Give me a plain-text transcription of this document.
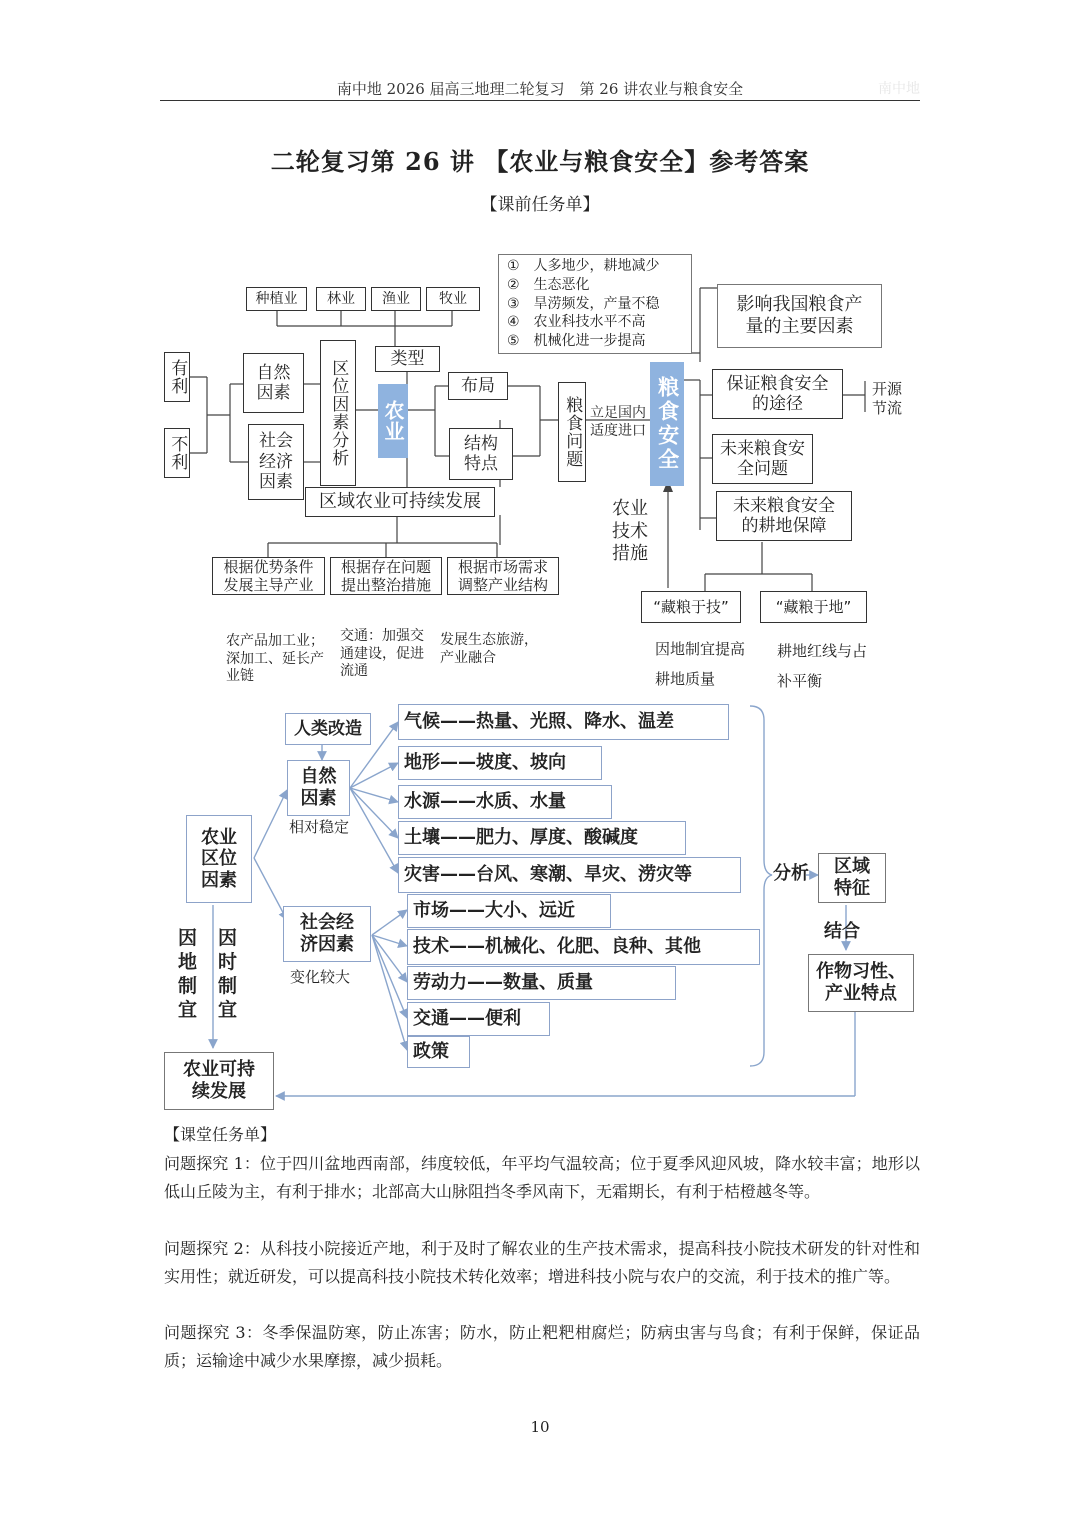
南中地 2026 届高三地理二轮复习　第 26 讲农业与粮食安全	南中地
二轮复习第 26 讲 【农业与粮食安全】参考答案
【课前任务单】
种植业	林业	渔业	牧业
①　人多地少，耕地减少
②　生态恶化
③　旱涝频发，产量不稳
④　农业科技水平不高
⑤　机械化进一步提高
有利
不利
自然因素
社会经济因素
区位因素分析
类型
农业
布局
结构特点	粮食问题 立足国内适度进口 粮食安全
影响我国粮食产量的主要因素
保证粮食安全的途径
开源节流
未来粮食安全问题
未来粮食安全的耕地保障
农业技术措施
区域农业可持续发展
根据优势条件发展主导产业
根据存在问题提出整治措施
根据市场需求调整产业结构
农产品加工业；深加工、延长产业链
交通：加强交通建设，促进流通
发展生态旅游，产业融合
“藏粮于技”	“藏粮于地”
因地制宜提高耕地质量
耕地红线与占补平衡
人类改造
自然因素
相对稳定
农业区位因素
社会经济因素
变化较大
气候——热量、光照、降水、温差
地形——坡度、坡向
水源——水质、水量
土壤——肥力、厚度、酸碱度
灾害——台风、寒潮、旱灾、涝灾等
市场——大小、远近
技术——机械化、化肥、良种、其他
劳动力——数量、质量
交通——便利
政策
因地制宜
因时制宜
分析	区域特征
结合
作物习性、产业特点
农业可持续发展
【课堂任务单】
问题探究 1：位于四川盆地西南部，纬度较低，年平均气温较高；位于夏季风迎风坡，降水较丰富；地形以低山丘陵为主，有利于排水；北部高大山脉阻挡冬季风南下，无霜期长，有利于桔橙越冬等。
问题探究 2：从科技小院接近产地，利于及时了解农业的生产技术需求，提高科技小院技术研发的针对性和实用性；就近研发，可以提高科技小院技术转化效率；增进科技小院与农户的交流，利于技术的推广等。
问题探究 3：冬季保温防寒，防止冻害；防水，防止粑粑柑腐烂；防病虫害与鸟食；有利于保鲜，保证品质；运输途中减少水果摩擦，减少损耗。
10
